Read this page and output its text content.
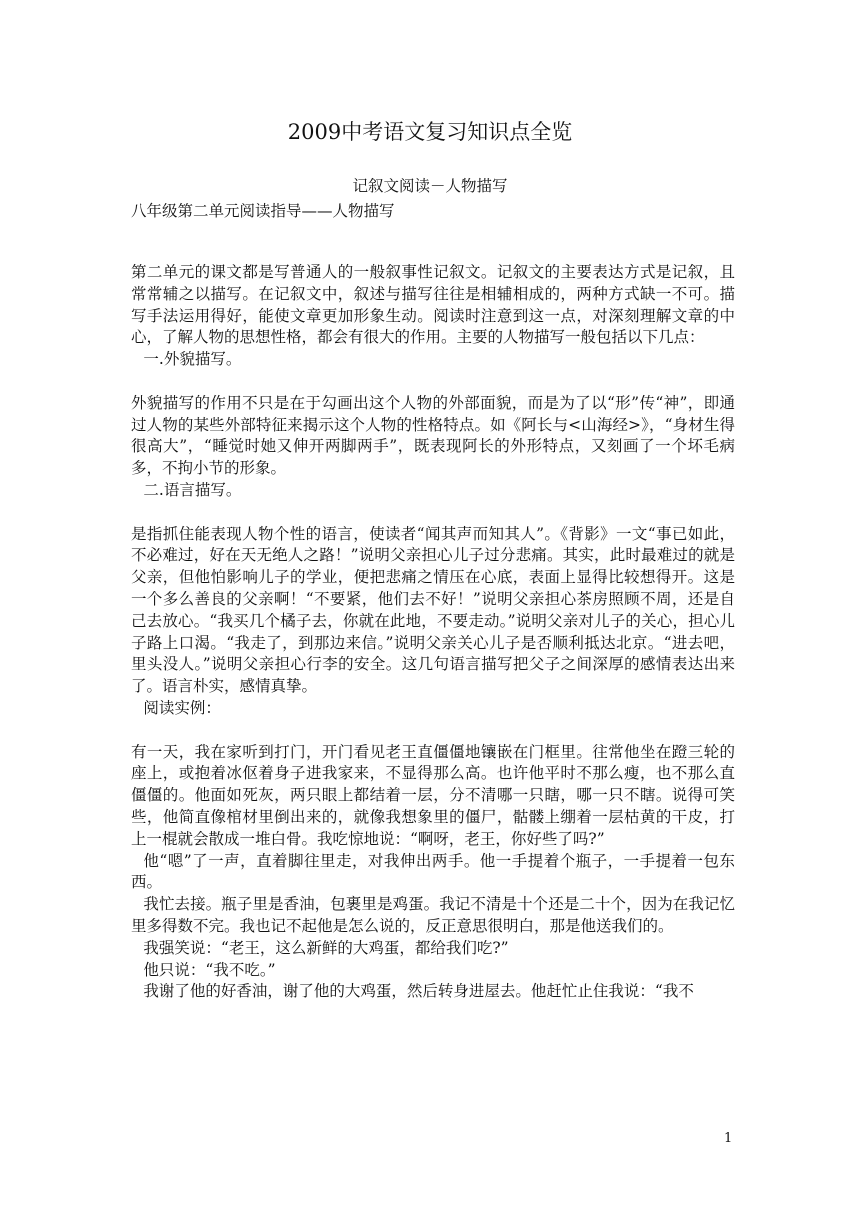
2009中考语文复习知识点全览
记叙文阅读－人物描写
八年级第二单元阅读指导——人物描写

第二单元的课文都是写普通人的一般叙事性记叙文。记叙文的主要表达方式是记叙，且常常辅之以描写。在记叙文中，叙述与描写往往是相辅相成的，两种方式缺一不可。描写手法运用得好，能使文章更加形象生动。阅读时注意到这一点，对深刻理解文章的中心，了解人物的思想性格，都会有很大的作用。主要的人物描写一般包括以下几点：

一.外貌描写。

外貌描写的作用不只是在于勾画出这个人物的外部面貌，而是为了以“形”传“神”，即通过人物的某些外部特征来揭示这个人物的性格特点。如《阿长与<山海经>》，“身材生得很高大”，“睡觉时她又伸开两脚两手”，既表现阿长的外形特点，又刻画了一个坏毛病多，不拘小节的形象。

二.语言描写。

是指抓住能表现人物个性的语言，使读者“闻其声而知其人”。《背影》一文“事已如此，不必难过，好在天无绝人之路！”说明父亲担心儿子过分悲痛。其实，此时最难过的就是父亲，但他怕影响儿子的学业，便把悲痛之情压在心底，表面上显得比较想得开。这是一个多么善良的父亲啊！“不要紧，他们去不好！”说明父亲担心茶房照顾不周，还是自己去放心。“我买几个橘子去，你就在此地，不要走动。”说明父亲对儿子的关心，担心儿子路上口渴。“我走了，到那边来信。”说明父亲关心儿子是否顺利抵达北京。“进去吧，里头没人。”说明父亲担心行李的安全。这几句语言描写把父子之间深厚的感情表达出来了。语言朴实，感情真挚。

阅读实例：

有一天，我在家听到打门，开门看见老王直僵僵地镶嵌在门框里。往常他坐在蹬三轮的座上，或抱着冰伛着身子进我家来，不显得那么高。也许他平时不那么瘦，也不那么直僵僵的。他面如死灰，两只眼上都结着一层，分不清哪一只瞎，哪一只不瞎。说得可笑些，他简直像棺材里倒出来的，就像我想象里的僵尸，骷髅上绷着一层枯黄的干皮，打上一棍就会散成一堆白骨。我吃惊地说：“啊呀，老王，你好些了吗?”

他“嗯”了一声，直着脚往里走，对我伸出两手。他一手提着个瓶子，一手提着一包东西。

我忙去接。瓶子里是香油，包裹里是鸡蛋。我记不清是十个还是二十个，因为在我记忆里多得数不完。我也记不起他是怎么说的，反正意思很明白，那是他送我们的。

我强笑说：“老王，这么新鲜的大鸡蛋，都给我们吃?”

他只说：“我不吃。”

我谢了他的好香油，谢了他的大鸡蛋，然后转身进屋去。他赶忙止住我说：“我不

1
